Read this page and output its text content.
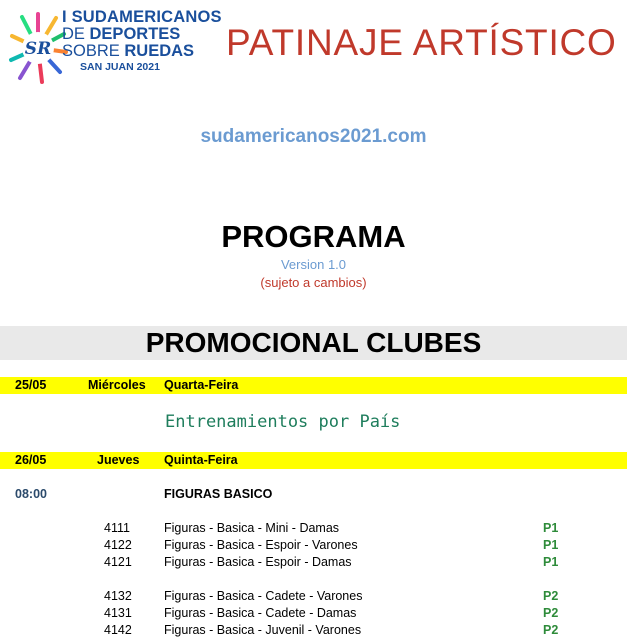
SR
I SUDAMERICANOS
DE DEPORTES
SOBRE RUEDAS
SAN JUAN 2021
PATINAJE ARTÍSTICO
sudamericanos2021.com
PROGRAMA
Version 1.0
(sujeto a cambios)
PROMOCIONAL CLUBES
25/05	Miércoles Quarta-Feira
Entrenamientos por País
26/05	Jueves Quinta-Feira
08:00	FIGURAS BASICO
4111	Figuras - Basica - Mini - Damas	P1
4122	Figuras - Basica - Espoir - Varones	P1
4121	Figuras - Basica - Espoir - Damas	P1
4132	Figuras - Basica - Cadete - Varones	P2
4131	Figuras - Basica - Cadete - Damas	P2
4142	Figuras - Basica - Juvenil - Varones	P2
